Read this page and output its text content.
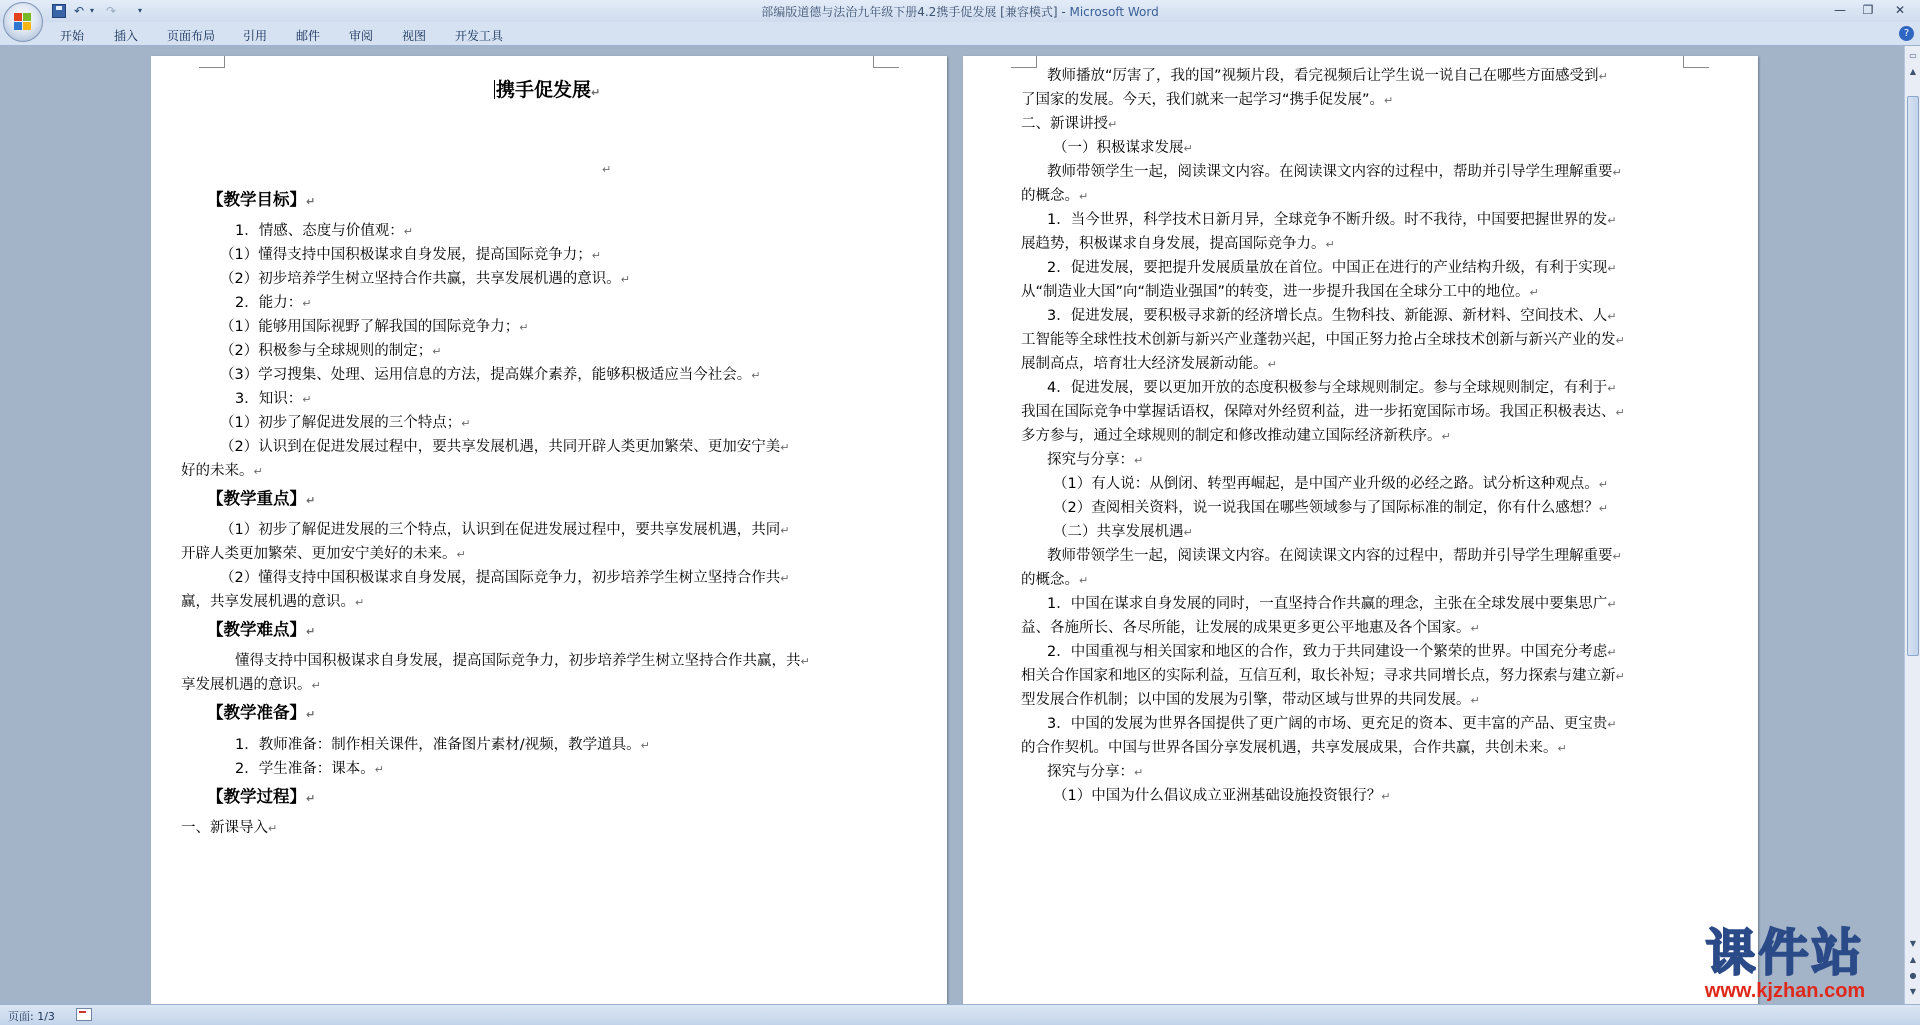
↶ ▾ ↷	▾	部编版道德与法治九年级下册4.2携手促发展 [兼容模式] - Microsoft Word	—	❐	✕
开始 插入 页面布局 引用 邮件 审阅 视图 开发工具	?
携手促发展↵
↵
【教学目标】↵
1．情感、态度与价值观：↵
（1）懂得支持中国积极谋求自身发展，提高国际竞争力；↵
（2）初步培养学生树立坚持合作共赢，共享发展机遇的意识。↵
2．能力：↵
（1）能够用国际视野了解我国的国际竞争力；↵
（2）积极参与全球规则的制定；↵
（3）学习搜集、处理、运用信息的方法，提高媒介素养，能够积极适应当今社会。↵
3．知识：↵
（1）初步了解促进发展的三个特点；↵
（2）认识到在促进发展过程中，要共享发展机遇，共同开辟人类更加繁荣、更加安宁美↵
好的未来。↵
【教学重点】↵
（1）初步了解促进发展的三个特点，认识到在促进发展过程中，要共享发展机遇，共同↵
开辟人类更加繁荣、更加安宁美好的未来。↵
（2）懂得支持中国积极谋求自身发展，提高国际竞争力，初步培养学生树立坚持合作共↵
赢，共享发展机遇的意识。↵
【教学难点】↵
懂得支持中国积极谋求自身发展，提高国际竞争力，初步培养学生树立坚持合作共赢，共↵
享发展机遇的意识。↵
【教学准备】↵
1．教师准备：制作相关课件，准备图片素材/视频，教学道具。↵
2．学生准备：课本。↵
【教学过程】↵
一、新课导入↵
教师播放“厉害了，我的国”视频片段，看完视频后让学生说一说自己在哪些方面感受到↵
了国家的发展。今天，我们就来一起学习“携手促发展”。↵
二、新课讲授↵
（一）积极谋求发展↵
教师带领学生一起，阅读课文内容。在阅读课文内容的过程中，帮助并引导学生理解重要↵
的概念。↵
1．当今世界，科学技术日新月异，全球竞争不断升级。时不我待，中国要把握世界的发↵
展趋势，积极谋求自身发展，提高国际竞争力。↵
2．促进发展，要把提升发展质量放在首位。中国正在进行的产业结构升级，有利于实现↵
从“制造业大国”向“制造业强国”的转变，进一步提升我国在全球分工中的地位。↵
3．促进发展，要积极寻求新的经济增长点。生物科技、新能源、新材料、空间技术、人↵
工智能等全球性技术创新与新兴产业蓬勃兴起，中国正努力抢占全球技术创新与新兴产业的发↵
展制高点，培育壮大经济发展新动能。↵
4．促进发展，要以更加开放的态度积极参与全球规则制定。参与全球规则制定，有利于↵
我国在国际竞争中掌握话语权，保障对外经贸利益，进一步拓宽国际市场。我国正积极表达、↵
多方参与，通过全球规则的制定和修改推动建立国际经济新秩序。↵
探究与分享：↵
（1）有人说：从倒闭、转型再崛起，是中国产业升级的必经之路。试分析这种观点。↵
（2）查阅相关资料，说一说我国在哪些领域参与了国际标准的制定，你有什么感想？↵
（二）共享发展机遇↵
教师带领学生一起，阅读课文内容。在阅读课文内容的过程中，帮助并引导学生理解重要↵
的概念。↵
1．中国在谋求自身发展的同时，一直坚持合作共赢的理念，主张在全球发展中要集思广↵
益、各施所长、各尽所能，让发展的成果更多更公平地惠及各个国家。↵
2．中国重视与相关国家和地区的合作，致力于共同建设一个繁荣的世界。中国充分考虑↵
相关合作国家和地区的实际利益，互信互利，取长补短；寻求共同增长点，努力探索与建立新↵
型发展合作机制；以中国的发展为引擎，带动区域与世界的共同发展。↵
3．中国的发展为世界各国提供了更广阔的市场、更充足的资本、更丰富的产品、更宝贵↵
的合作契机。中国与世界各国分享发展机遇，共享发展成果，合作共赢，共创未来。↵
探究与分享：↵
（1）中国为什么倡议成立亚洲基础设施投资银行？↵
▭
▲
▼
▲
●
▼
页面: 1/3
课件站
www.kjzhan.com
